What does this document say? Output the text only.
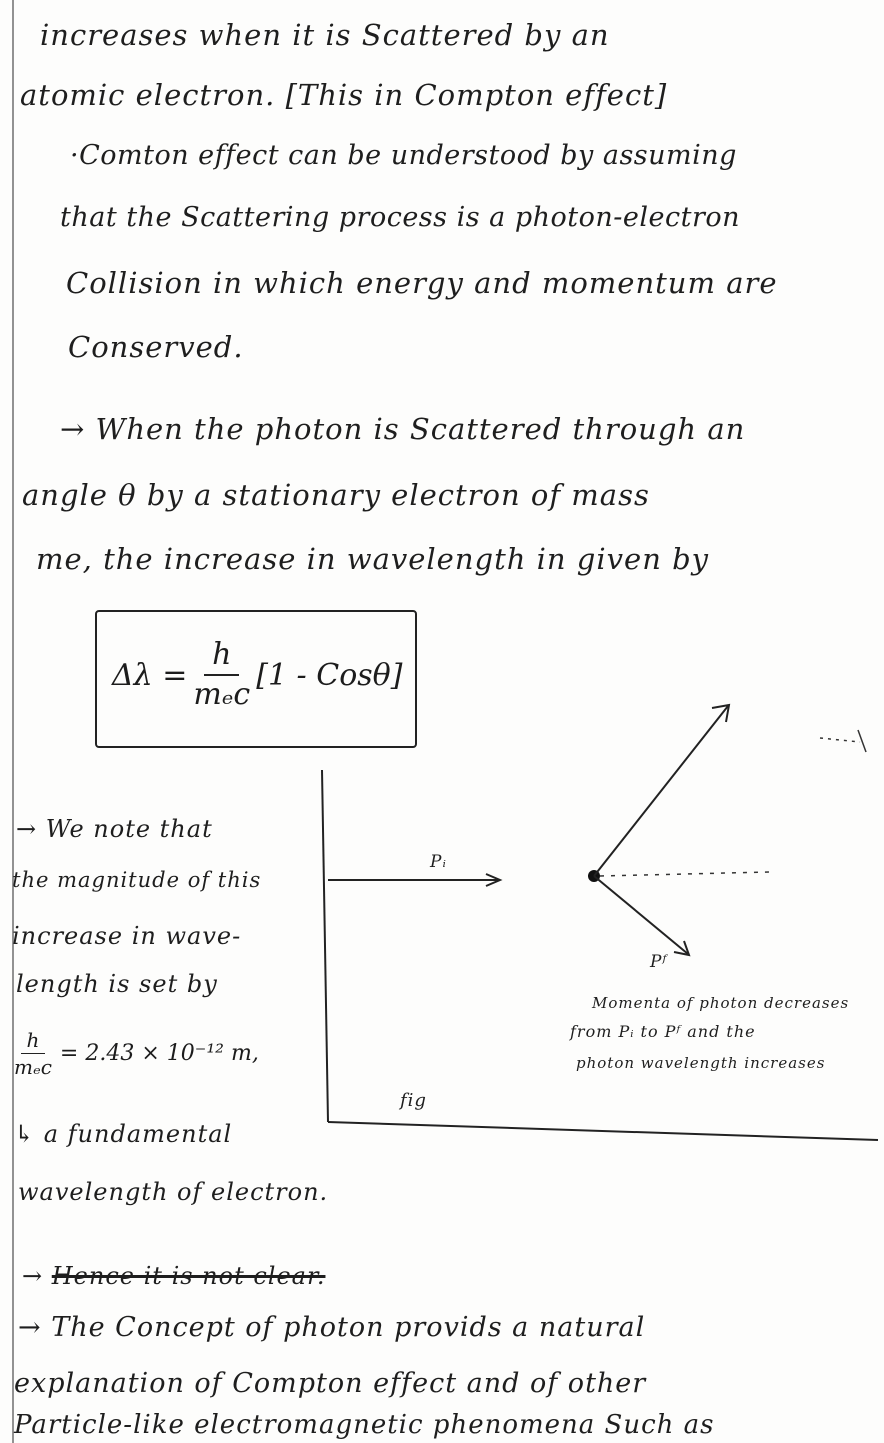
increases when it is Scattered by an
atomic electron. [This in Compton effect]
·Comton effect can be understood by assuming
that the Scattering process is a photon-electron
Collision in which energy and momentum are
Conserved.
→ When the photon is Scattered through an
angle θ by a stationary electron of mass
me, the increase in wavelength in given by
$\Delta\lambda = \frac{h}{\text{mₑc}} [1 - Cos\theta]$
→ We note that
the magnitude of this
increase in wave-
length is set by
$\frac{h}{\text{mₑc}} = 2.43 \times 10^{-12}$ m,
↳ a fundamental
wavelength of electron.
Pᵢ
Pᶠ
fig
Momenta of photon decreases
from Pᵢ to Pᶠ and the
photon wavelength increases
→ Hence it is not clear.
→ The Concept of photon provids a natural
explanation of Compton effect and of other
Particle-like electromagnetic phenomena Such as
